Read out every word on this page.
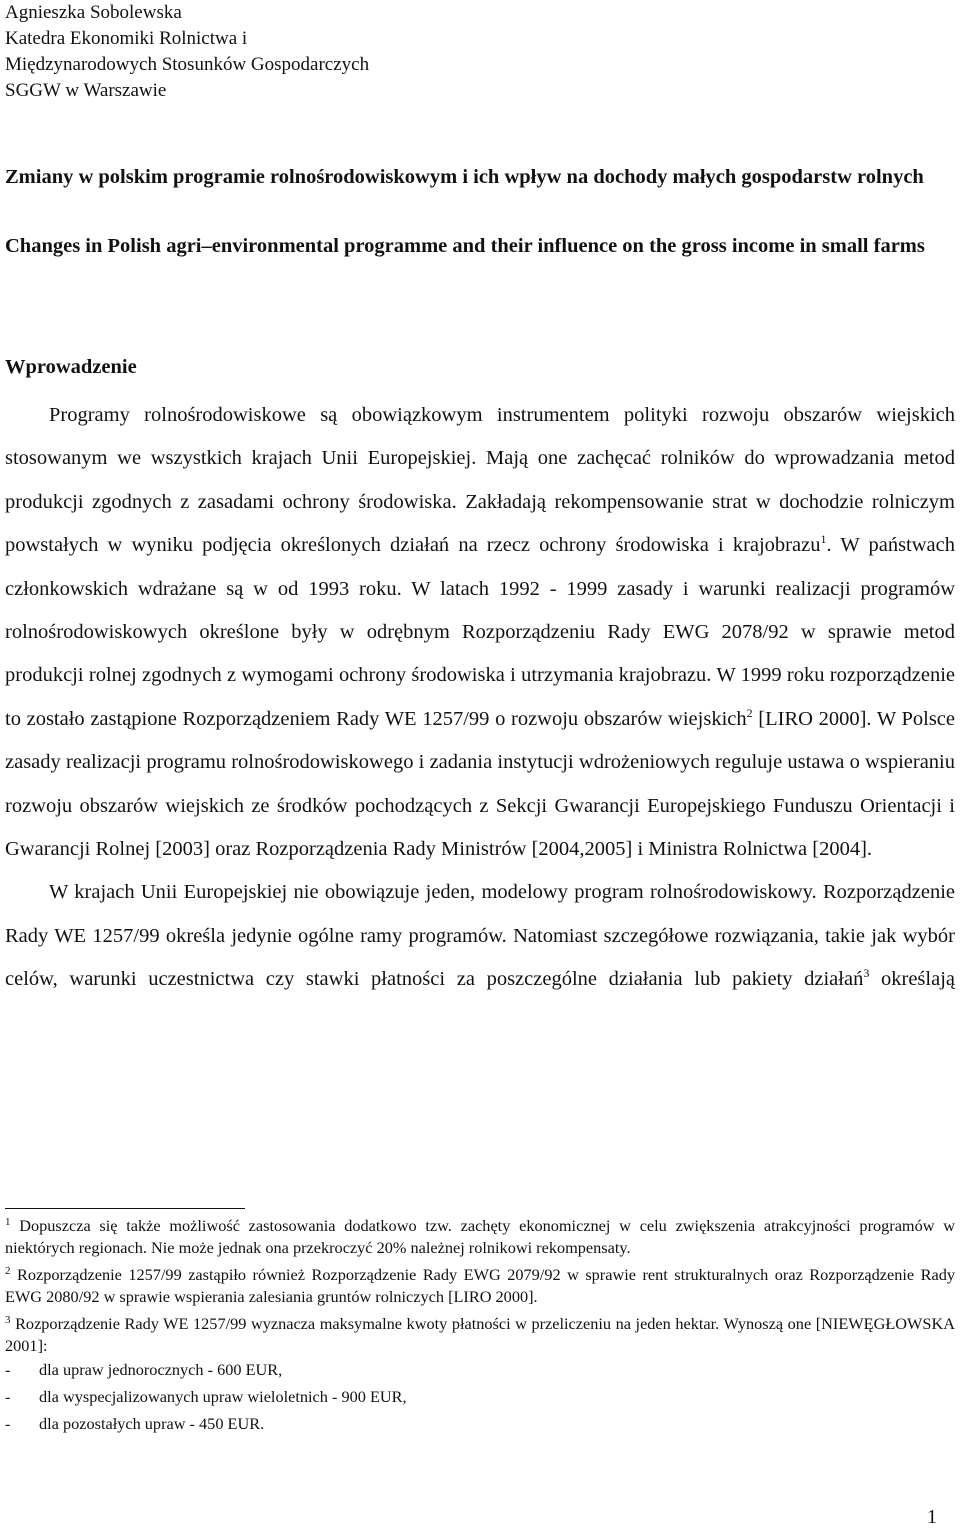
Agnieszka Sobolewska
Katedra Ekonomiki Rolnictwa i
Międzynarodowych Stosunków Gospodarczych
SGGW w Warszawie
Zmiany w polskim programie rolnośrodowiskowym i ich wpływ na dochody małych gospodarstw rolnych
Changes in Polish agri–environmental programme and their influence on the gross income in small farms
Wprowadzenie

Programy rolnośrodowiskowe są obowiązkowym instrumentem polityki rozwoju obszarów wiejskich stosowanym we wszystkich krajach Unii Europejskiej. Mają one zachęcać rolników do wprowadzania metod produkcji zgodnych z zasadami ochrony środowiska. Zakładają rekompensowanie strat w dochodzie rolniczym powstałych w wyniku podjęcia określonych działań na rzecz ochrony środowiska i krajobrazu$^1$. W państwach członkowskich wdrażane są w od 1993 roku. W latach 1992 - 1999 zasady i warunki realizacji programów rolnośrodowiskowych określone były w odrębnym Rozporządzeniu Rady EWG 2078/92 w sprawie metod produkcji rolnej zgodnych z wymogami ochrony środowiska i utrzymania krajobrazu. W 1999 roku rozporządzenie to zostało zastąpione Rozporządzeniem Rady WE 1257/99 o rozwoju obszarów wiejskich$^2$ [LIRO 2000]. W Polsce zasady realizacji programu rolnośrodowiskowego i zadania instytucji wdrożeniowych reguluje ustawa o wspieraniu rozwoju obszarów wiejskich ze środków pochodzących z Sekcji Gwarancji Europejskiego Funduszu Orientacji i Gwarancji Rolnej [2003] oraz Rozporządzenia Rady Ministrów [2004,2005] i Ministra Rolnictwa [2004].

W krajach Unii Europejskiej nie obowiązuje jeden, modelowy program rolnośrodowiskowy. Rozporządzenie Rady WE 1257/99 określa jedynie ogólne ramy programów. Natomiast szczegółowe rozwiązania, takie jak wybór celów, warunki uczestnictwa czy stawki płatności za poszczególne działania lub pakiety działań$^3$ określają

$^1$ Dopuszcza się także możliwość zastosowania dodatkowo tzw. zachęty ekonomicznej w celu zwiększenia atrakcyjności programów w niektórych regionach. Nie może jednak ona przekroczyć 20% należnej rolnikowi rekompensaty.
$^2$ Rozporządzenie 1257/99 zastąpiło również Rozporządzenie Rady EWG 2079/92 w sprawie rent strukturalnych oraz Rozporządzenie Rady EWG 2080/92 w sprawie wspierania zalesiania gruntów rolniczych [LIRO 2000].
$^3$ Rozporządzenie Rady WE 1257/99 wyznacza maksymalne kwoty płatności w przeliczeniu na jeden hektar. Wynoszą one [NIEWĘGŁOWSKA 2001]:
- dla upraw jednorocznych - 600 EUR,
- dla wyspecjalizowanych upraw wieloletnich - 900 EUR,
- dla pozostałych upraw - 450 EUR.
1
